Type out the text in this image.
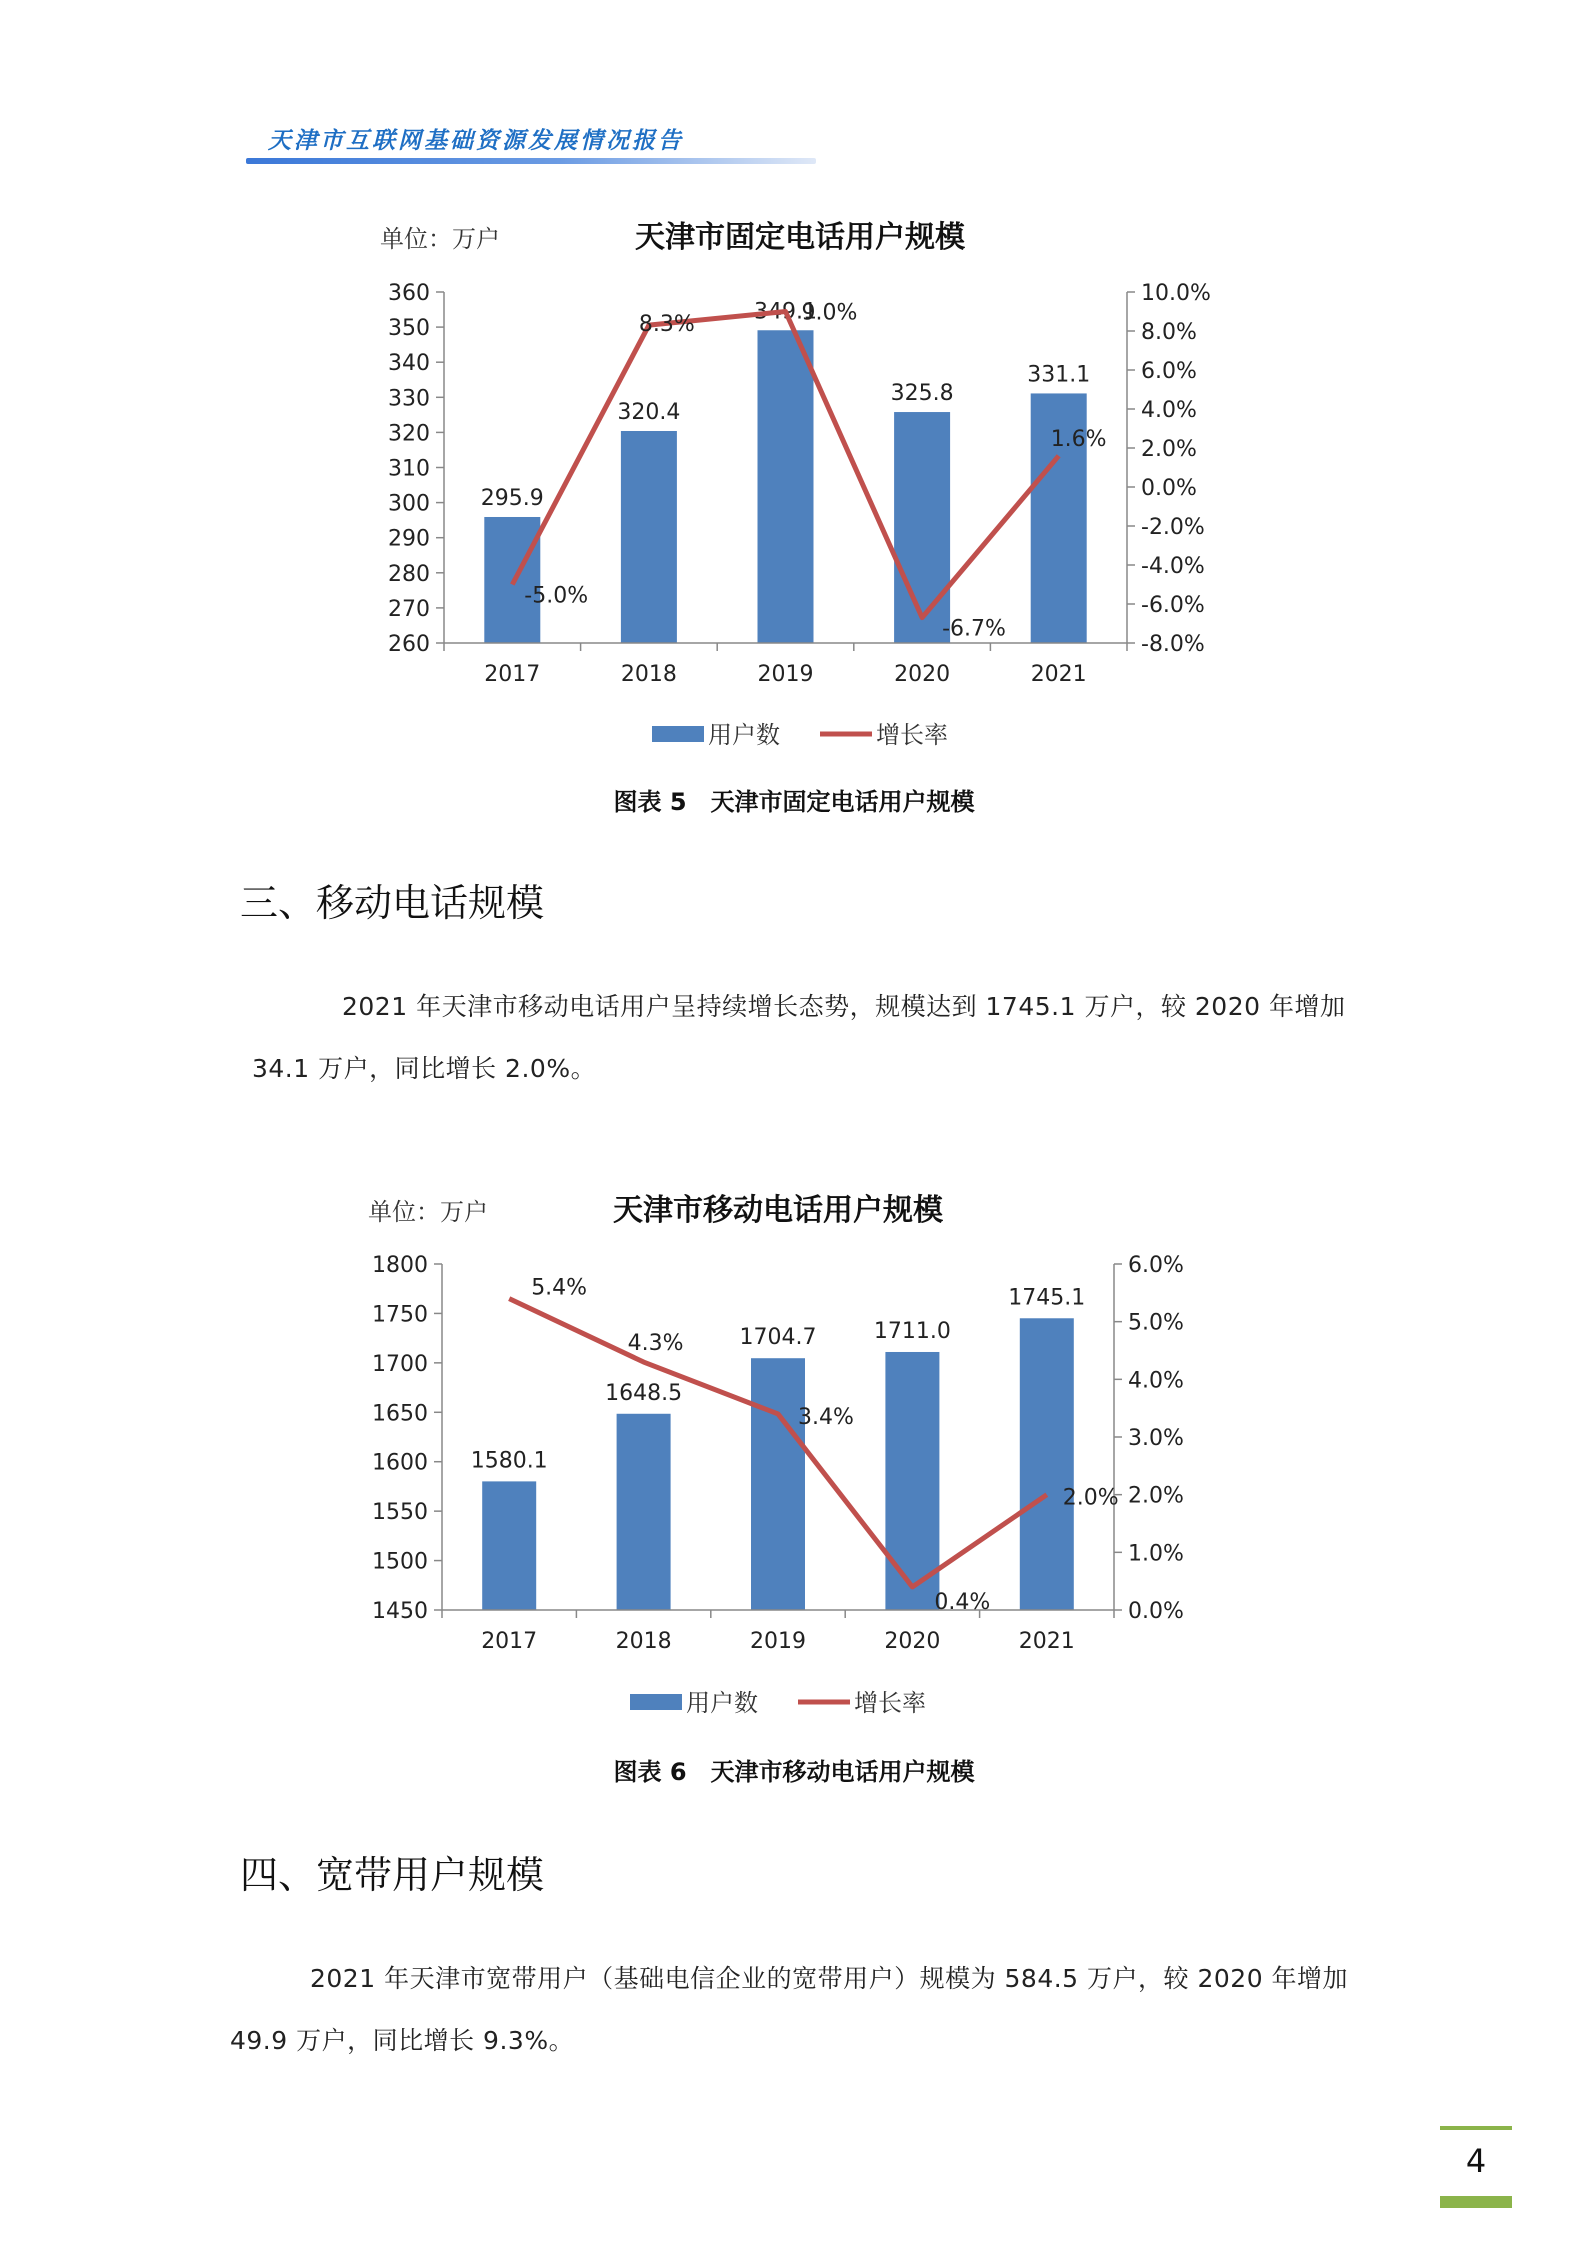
天津市互联网基础资源发展情况报告
单位：万户	天津市固定电话用户规模
260
270
280
290
300
310
320
330
340
350
360
-8.0%
-6.0%
-4.0%
-2.0%
0.0%
2.0%
4.0%
6.0%
8.0%
10.0%
295.9
320.4
349.1
325.8
331.1
2017	2018	2019	2020	2021
-5.0%
8.3%	9.0%
-6.7%
1.6%
用户数	增长率
图表 5　天津市固定电话用户规模
三、移动电话规模
2021 年天津市移动电话用户呈持续增长态势，规模达到 1745.1 万户，较 2020 年增加 34.1 万户，同比增长 2.0%。
单位：万户	天津市移动电话用户规模
1450
1500
1550
1600
1650
1700
1750
1800
0.0%
1.0%
2.0%
3.0%
4.0%
5.0%
6.0%
1580.1
1648.5
1704.7	1711.0
1745.1
2017	2018	2019	2020	2021
5.4%
4.3%
3.4%
0.4%
2.0%
用户数	增长率
图表 6　天津市移动电话用户规模
四、宽带用户规模
2021 年天津市宽带用户（基础电信企业的宽带用户）规模为 584.5 万户，较 2020 年增加 49.9 万户，同比增长 9.3%。
4
